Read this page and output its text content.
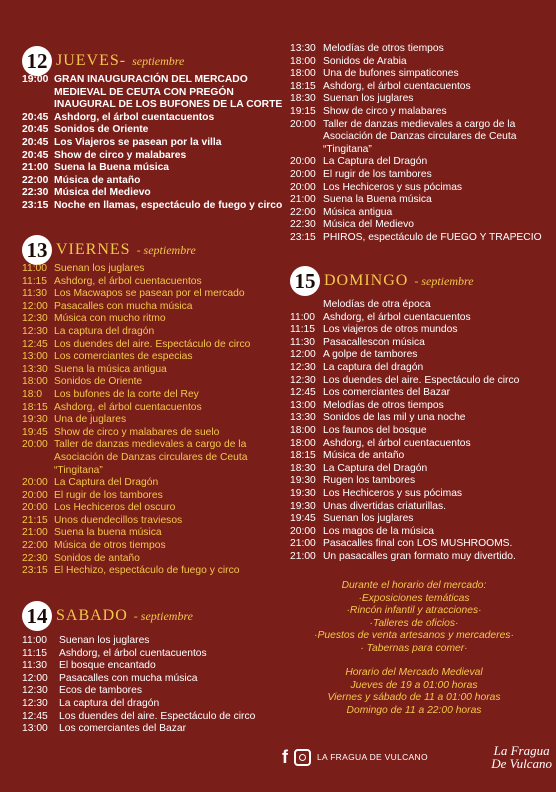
12 JUEVES- septiembre
19:00 GRAN INAUGURACIÓN DEL MERCADO
MEDIEVAL DE CEUTA CON PREGÓN
INAUGURAL DE LOS BUFONES DE LA CORTE
20:45 Ashdorg, el árbol cuentacuentos
20:45 Sonidos de Oriente
20:45 Los Viajeros se pasean por la villa
20:45 Show de circo y malabares
21:00 Suena la Buena música
22:00 Música de antaño
22:30 Música del Medievo
23:15 Noche en llamas, espectáculo de fuego y circo
13 VIERNES - septiembre
11:00 Suenan los juglares
11:15 Ashdorg, el árbol cuentacuentos
11:30 Los Macwapos se pasean por el mercado
12:00 Pasacalles con mucha música
12:30 Música con mucho ritmo
12:30 La captura del dragón
12:45 Los duendes del aire. Espectáculo de circo
13:00 Los comerciantes de especias
13:30 Suena la música antigua
18:00 Sonidos de Oriente
18:0	Los bufones de la corte del Rey
18:15 Ashdorg, el árbol cuentacuentos
19:30 Una de juglares
19:45 Show de circo y malabares de suelo
20:00 Taller de danzas medievales a cargo de la
Asociación de Danzas circulares de Ceuta
“Tingitana”
20:00 La Captura del Dragón
20:00 El rugir de los tambores
20:00 Los Hechiceros del oscuro
21:15 Unos duendecillos traviesos
21:00 Suena la buena música
22:00 Música de otros tiempos
22:30 Sonidos de antaño
23:15 El Hechizo, espectáculo de fuego y circo
14 SABADO - septiembre
11:00	Suenan los juglares
11:15	Ashdorg, el árbol cuentacuentos
11:30	El bosque encantado
12:00	Pasacalles con mucha música
12:30	Ecos de tambores
12:30	La captura del dragón
12:45	Los duendes del aire. Espectáculo de circo
13:00	Los comerciantes del Bazar
13:30 Melodías de otros tiempos
18:00 Sonidos de Arabia
18:00 Una de bufones simpaticones
18:15 Ashdorg, el árbol cuentacuentos
18:30 Suenan los juglares
19:15 Show de circo y malabares
20:00 Taller de danzas medievales a cargo de la
Asociación de Danzas circulares de Ceuta
“Tingitana”
20:00 La Captura del Dragón
20:00 El rugir de los tambores
20:00 Los Hechiceros y sus pócimas
21:00 Suena la Buena música
22:00 Música antigua
22:30 Música del Medievo
23:15 PHIROS, espectáculo de FUEGO Y TRAPECIO
15 DOMINGO - septiembre
Melodías de otra época
11:00 Ashdorg, el árbol cuentacuentos
11:15 Los viajeros de otros mundos
11:30 Pasacallescon música
12:00 A golpe de tambores
12:30 La captura del dragón
12:30 Los duendes del aire. Espectáculo de circo
12:45 Los comerciantes del Bazar
13:00 Melodías de otros tiempos
13:30 Sonidos de las mil y una noche
18:00 Los faunos del bosque
18:00 Ashdorg, el árbol cuentacuentos
18:15 Música de antaño
18:30 La Captura del Dragón
19:30 Rugen los tambores
19:30 Los Hechiceros y sus pócimas
19:30 Unas divertidas criaturillas.
19:45 Suenan los juglares
20:00 Los magos de la música
21:00 Pasacalles final con LOS MUSHROOMS.
21:00 Un pasacalles gran formato muy divertido.
Durante el horario del mercado:
·Exposiciones temáticas
·Rincón infantil y atracciones·
·Talleres de oficios·
·Puestos de venta artesanos y mercaderes·
· Tabernas para comer·
Horario del Mercado Medieval
Jueves de 19 a 01:00 horas
Viernes y sábado de 11 a 01:00 horas
Domingo de 11 a 22:00 horas
f	LA FRAGUA DE VULCANO	La Fragua
De Vulcano
